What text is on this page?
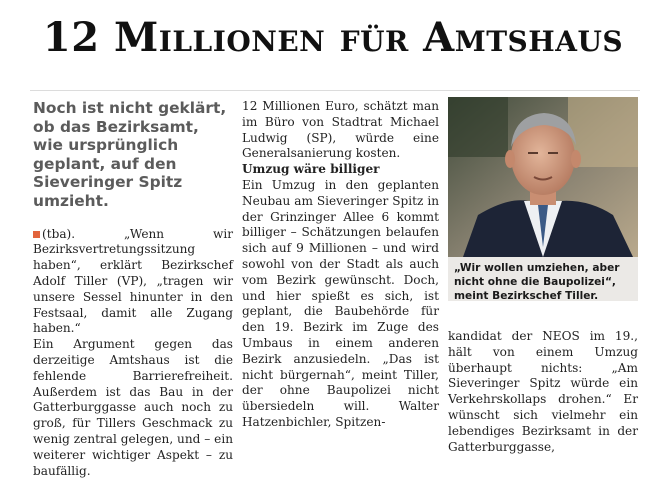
12 Millionen für Amtshaus
Noch ist nicht geklärt, ob das Bezirksamt, wie ursprünglich geplant, auf den Sieveringer Spitz umzieht.

(tba).	„Wenn wir Bezirksvertretungssitzung haben“, erklärt Bezirkschef Adolf Tiller (VP), „tragen wir unsere Sessel hinunter in den Festsaal, damit alle Zugang haben.“

Ein Argument gegen das derzeitige Amtshaus ist die fehlende Barrierefreiheit. Außerdem ist das Bau in der Gatterburggasse auch noch zu groß, für Tillers Geschmack zu wenig zentral gelegen, und – ein weiterer wichtiger Aspekt – zu baufällig.

12 Millionen Euro, schätzt man im Büro von Stadtrat Michael Ludwig (SP), würde eine Generalsanierung kosten.

Umzug wäre billiger

Ein Umzug in den geplanten Neubau am Sieveringer Spitz in der Grinzinger Allee 6 kommt billiger – Schätzungen belaufen sich auf 9 Millionen – und wird sowohl von der Stadt als auch vom Bezirk gewünscht. Doch, und hier spießt es sich, ist geplant, die Baubehörde für den 19. Bezirk im Zuge des Umbaus in einem anderen Bezirk anzusiedeln. „Das ist nicht bürgernah“, meint Tiller, der ohne Baupolizei nicht übersiedeln will. Walter Hatzenbichler, Spitzen-

„Wir wollen umziehen, aber nicht ohne die Baupolizei“, meint Bezirkschef Tiller.

kandidat der NEOS im 19., hält von einem Umzug überhaupt nichts: „Am Sieveringer Spitz würde ein Verkehrskollaps drohen.“ Er wünscht sich vielmehr ein lebendiges Bezirksamt in der Gatterburggasse,
